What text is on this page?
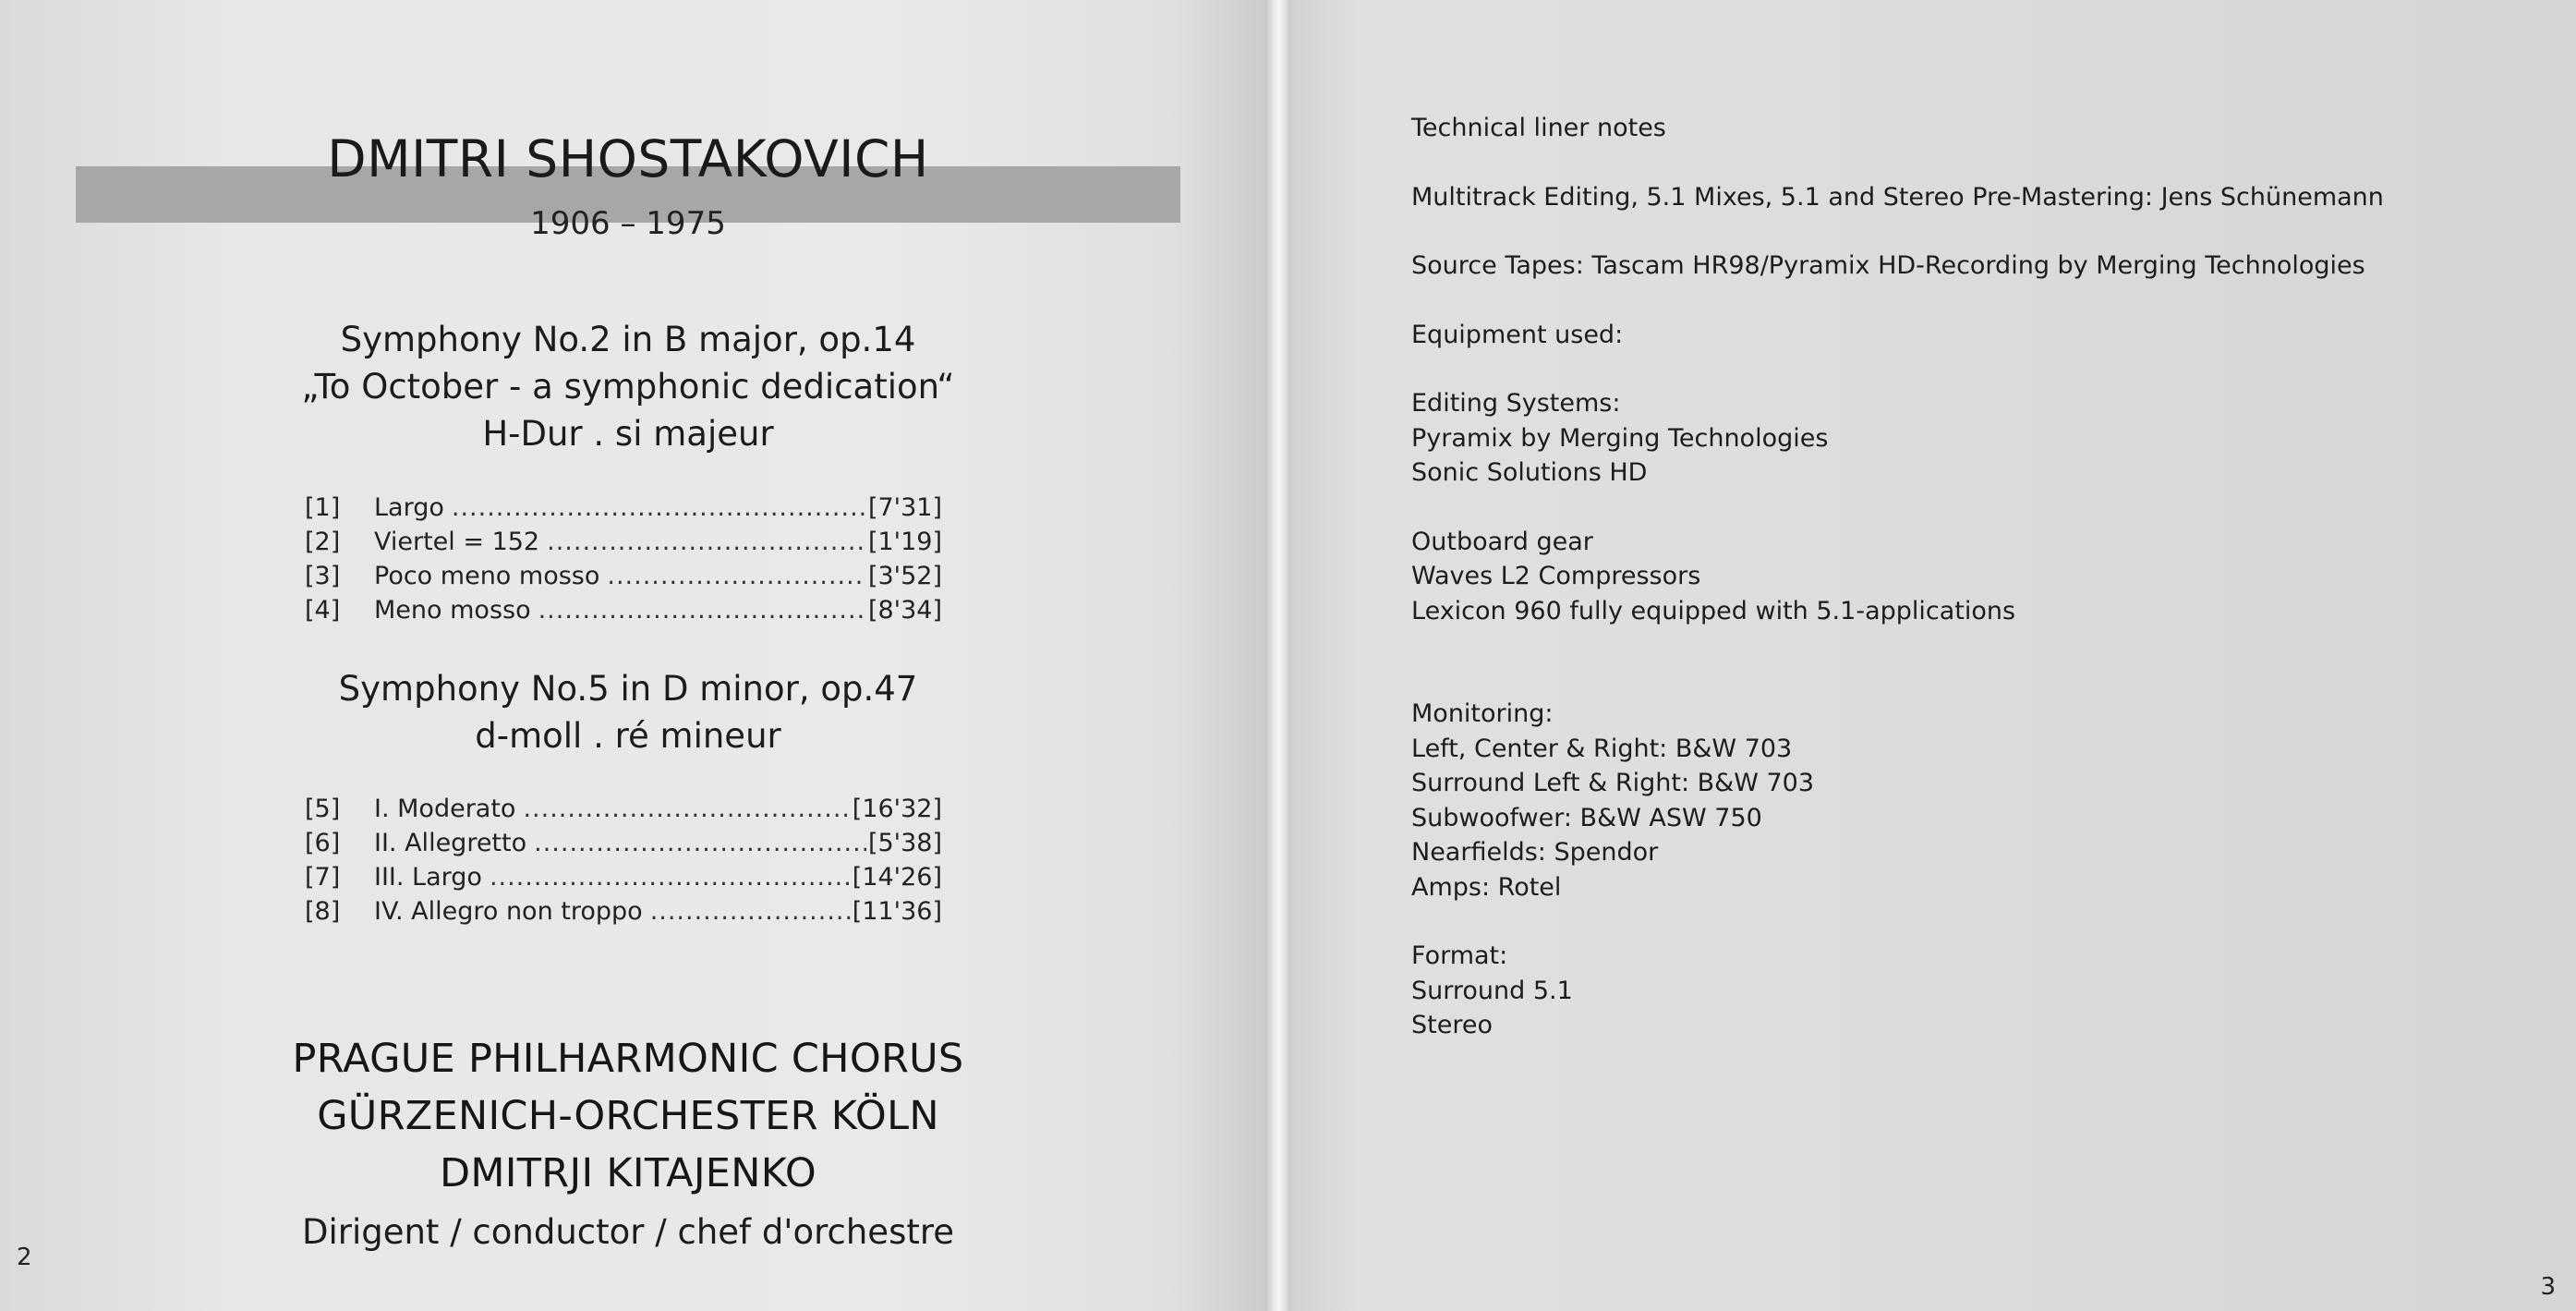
DMITRI SHOSTAKOVICH
1906 – 1975
Symphony No.2 in B major, op.14
„To October - a symphonic dedication“
H-Dur . si majeur
[1]	Largo .....	[7'31]
[2]	Viertel = 152 .....	[1'19]
[3]	Poco meno mosso .....	[3'52]
[4]	Meno mosso .....	[8'34]
Symphony No.5 in D minor, op.47
d-moll . ré mineur
[5]	I. Moderato .....	[16'32]
[6]	II. Allegretto .....	[5'38]
[7]	III. Largo .....	[14'26]
[8]	IV. Allegro non troppo .....	[11'36]
PRAGUE PHILHARMONIC CHORUS
GÜRZENICH-ORCHESTER KÖLN
DMITRJI KITAJENKO
Dirigent / conductor / chef d'orchestre
2
Technical liner notes
Multitrack Editing, 5.1 Mixes, 5.1 and Stereo Pre-Mastering: Jens Schünemann
Source Tapes: Tascam HR98/Pyramix HD-Recording by Merging Technologies
Equipment used:
Editing Systems:
Pyramix by Merging Technologies
Sonic Solutions HD
Outboard gear
Waves L2 Compressors
Lexicon 960 fully equipped with 5.1-applications
Monitoring:
Left, Center & Right: B&W 703
Surround Left & Right: B&W 703
Subwoofwer: B&W ASW 750
Nearfields: Spendor
Amps: Rotel
Format:
Surround 5.1
Stereo
3
